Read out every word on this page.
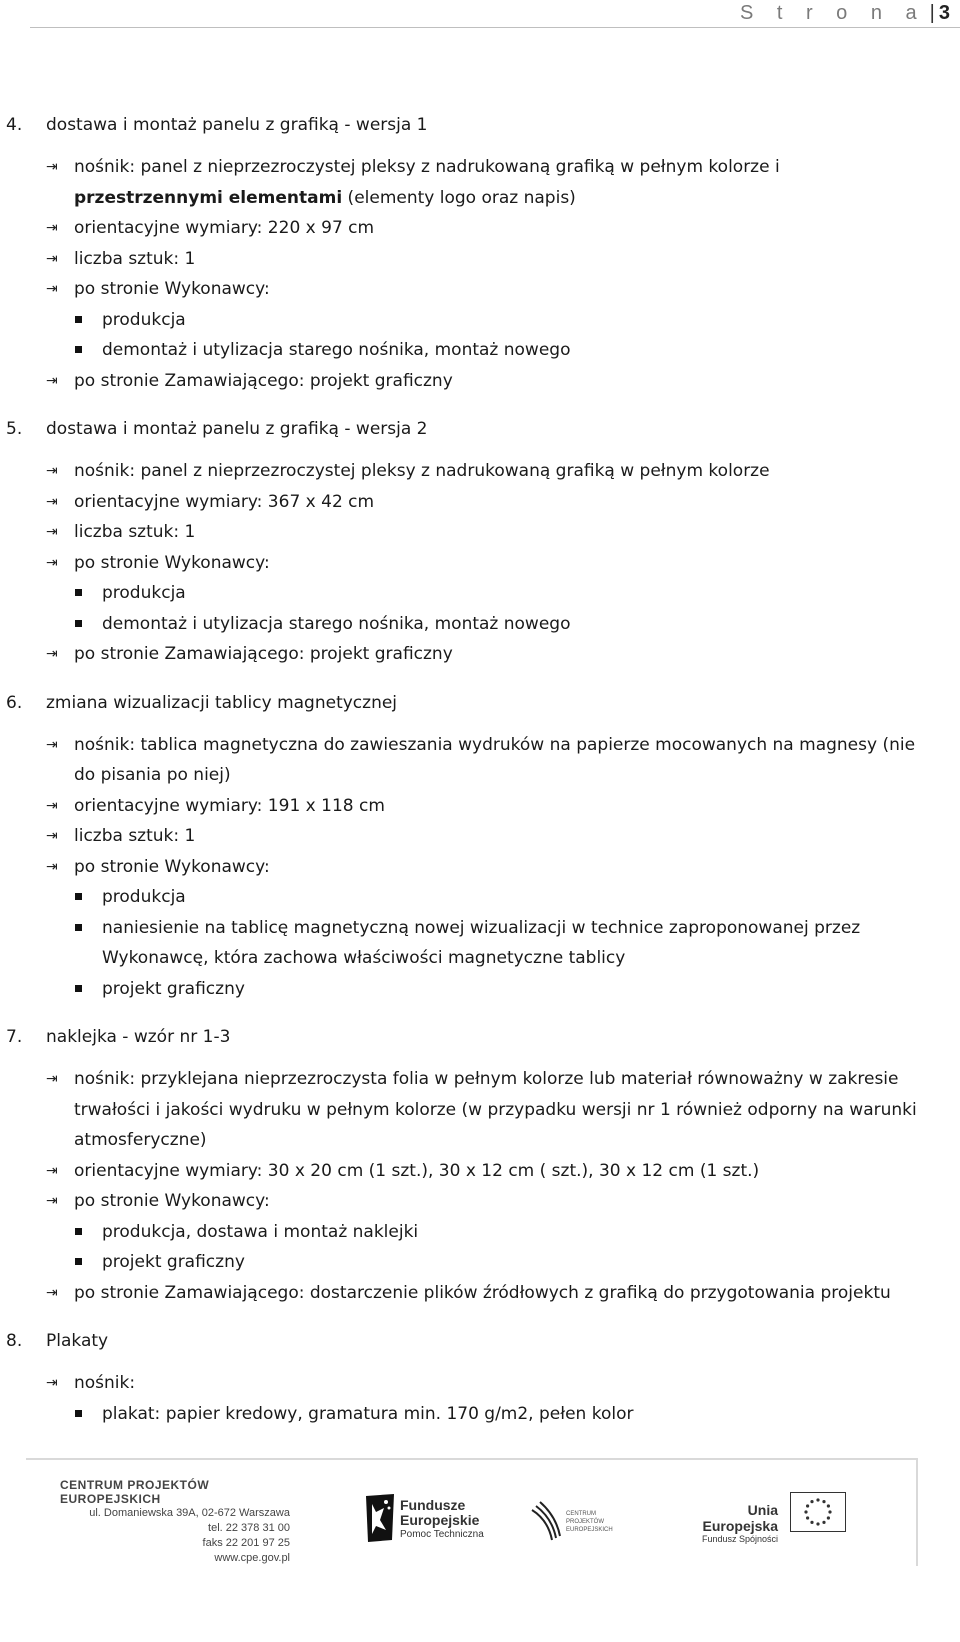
S t r o n a | 3
4.	dostawa i montaż panelu z grafiką - wersja 1
⇥ nośnik: panel z nieprzezroczystej pleksy z nadrukowaną grafiką w pełnym kolorze i przestrzennymi elementami (elementy logo oraz napis)
⇥ orientacyjne wymiary: 220 x 97 cm
⇥ liczba sztuk: 1
⇥ po stronie Wykonawcy:
produkcja
demontaż i utylizacja starego nośnika, montaż nowego
⇥ po stronie Zamawiającego: projekt graficzny
5.	dostawa i montaż panelu z grafiką - wersja 2
⇥ nośnik: panel z nieprzezroczystej pleksy z nadrukowaną grafiką w pełnym kolorze
⇥ orientacyjne wymiary: 367 x 42 cm
⇥ liczba sztuk: 1
⇥ po stronie Wykonawcy:
produkcja
demontaż i utylizacja starego nośnika, montaż nowego
⇥ po stronie Zamawiającego: projekt graficzny
6.	zmiana wizualizacji tablicy magnetycznej
⇥ nośnik: tablica magnetyczna do zawieszania wydruków na papierze mocowanych na magnesy (nie do pisania po niej)
⇥ orientacyjne wymiary: 191 x 118 cm
⇥ liczba sztuk: 1
⇥ po stronie Wykonawcy:
produkcja
naniesienie na tablicę magnetyczną nowej wizualizacji w technice zaproponowanej przez Wykonawcę, która zachowa właściwości magnetyczne tablicy
projekt graficzny
7.	naklejka - wzór nr 1-3
⇥ nośnik: przyklejana nieprzezroczysta folia w pełnym kolorze lub materiał równoważny w zakresie trwałości i jakości wydruku w pełnym kolorze (w przypadku wersji nr 1 również odporny na warunki atmosferyczne)
⇥ orientacyjne wymiary: 30 x 20 cm (1 szt.), 30 x 12 cm ( szt.), 30 x 12 cm (1 szt.)
⇥ po stronie Wykonawcy:
produkcja, dostawa i montaż naklejki
projekt graficzny
⇥ po stronie Zamawiającego: dostarczenie plików źródłowych z grafiką do przygotowania projektu
8.	Plakaty
⇥ nośnik:
plakat: papier kredowy, gramatura min. 170 g/m2, pełen kolor
CENTRUM PROJEKTÓW EUROPEJSKICH
ul. Domaniewska 39A, 02-672 Warszawa
tel. 22 378 31 00
faks 22 201 97 25
www.cpe.gov.pl
Fundusze
Europejskie
Pomoc Techniczna
CENTRUM PROJEKTÓW
EUROPEJSKICH
Unia Europejska
Fundusz Spójności
